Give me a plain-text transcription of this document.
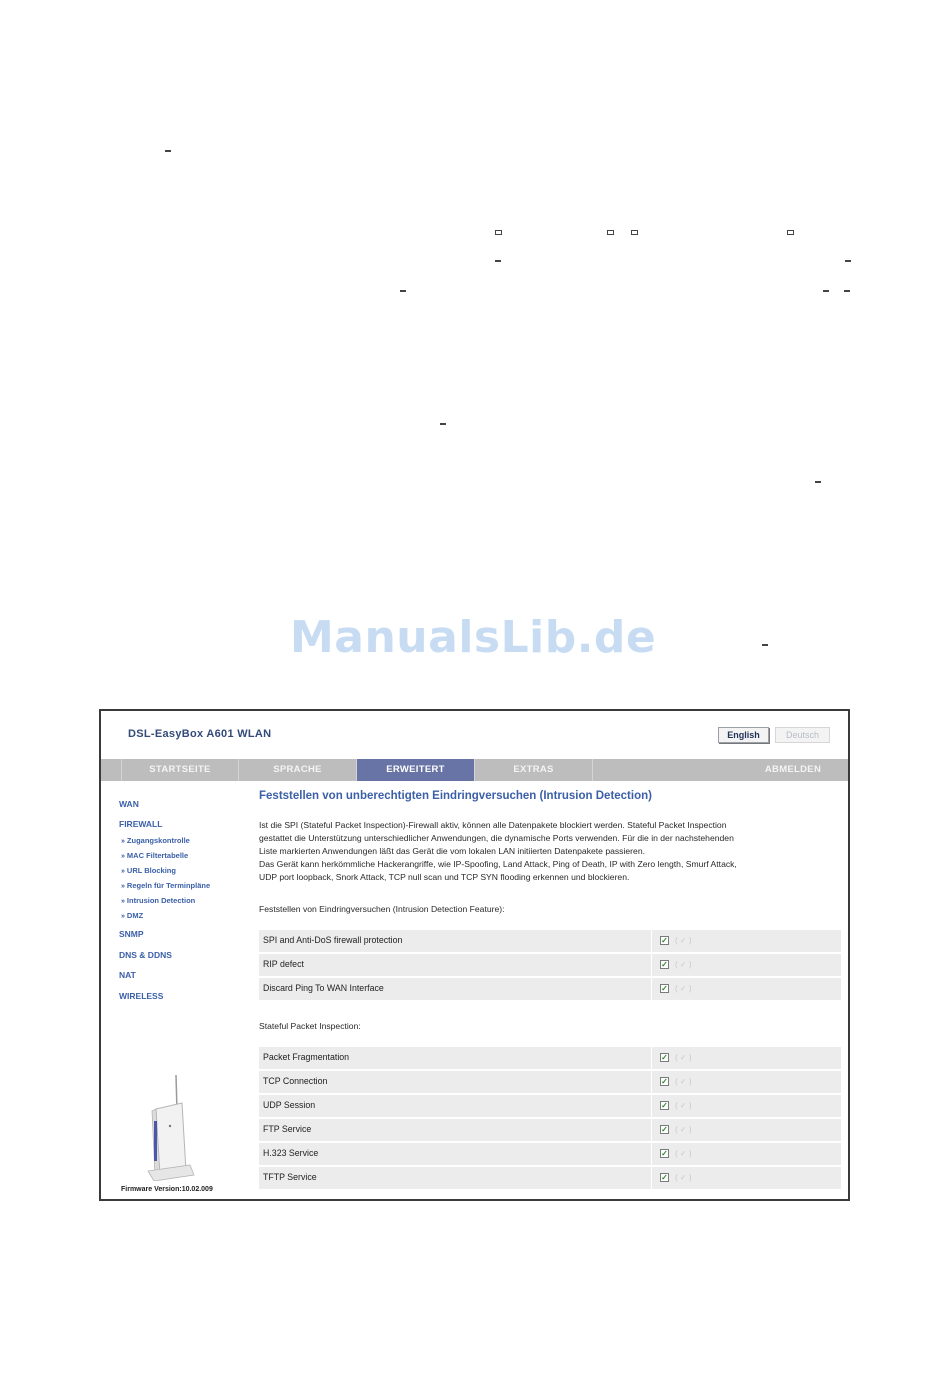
ManualsLib.de
DSL-EasyBox A601 WLAN	English	Deutsch
STARTSEITE	SPRACHE	ERWEITERT	EXTRAS	ABMELDEN
WAN
FIREWALL
» Zugangskontrolle
» MAC Filtertabelle
» URL Blocking
» Regeln für Terminpläne
» Intrusion Detection
» DMZ
SNMP
DNS & DDNS
NAT
WIRELESS
Firmware Version:10.02.009
Feststellen von unberechtigten Eindringversuchen (Intrusion Detection)
Ist die SPI (Stateful Packet Inspection)-Firewall aktiv, können alle Datenpakete blockiert werden. Stateful Packet Inspection
gestattet die Unterstützung unterschiedlicher Anwendungen, die dynamische Ports verwenden. Für die in der nachstehenden
Liste markierten Anwendungen läßt das Gerät die vom lokalen LAN initiierten Datenpakete passieren.
Das Gerät kann herkömmliche Hackerangriffe, wie IP-Spoofing, Land Attack, Ping of Death, IP with Zero length, Smurf Attack,
UDP port loopback, Snork Attack, TCP null scan und TCP SYN flooding erkennen und blockieren.
Feststellen von Eindringversuchen (Intrusion Detection Feature):
SPI and Anti-DoS firewall protection	✓ ( ✓ )
RIP defect	✓ ( ✓ )
Discard Ping To WAN Interface	✓ ( ✓ )
Stateful Packet Inspection:
Packet Fragmentation	✓ ( ✓ )
TCP Connection	✓ ( ✓ )
UDP Session	✓ ( ✓ )
FTP Service	✓ ( ✓ )
H.323 Service	✓ ( ✓ )
TFTP Service	✓ ( ✓ )
